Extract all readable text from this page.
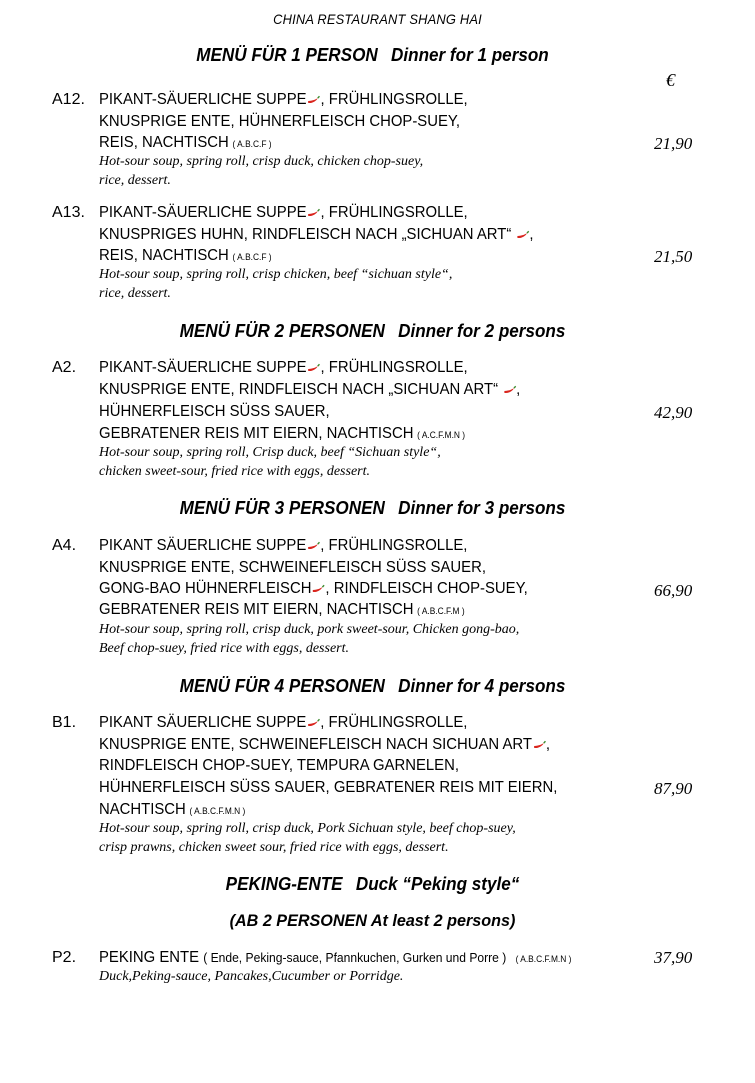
CHINA RESTAURANT SHANG HAI
MENÜ FÜR 1 PERSON Dinner for 1 person
€
A12. PIKANT-SÄUERLICHE SUPPE , FRÜHLINGSROLLE,
KNUSPRIGE ENTE, HÜHNERFLEISCH CHOP-SUEY,
REIS, NACHTISCH ( A.B.C.F )
Hot-sour soup, spring roll, crisp duck, chicken chop-suey,
rice, dessert.
21,90
A13. PIKANT-SÄUERLICHE SUPPE , FRÜHLINGSROLLE,
KNUSPRIGES HUHN, RINDFLEISCH NACH „SICHUAN ART“ ,
REIS, NACHTISCH ( A.B.C.F )
Hot-sour soup, spring roll, crisp chicken, beef “sichuan style“,
rice, dessert.
21,50
MENÜ FÜR 2 PERSONEN Dinner for 2 persons
A2. PIKANT-SÄUERLICHE SUPPE , FRÜHLINGSROLLE,
KNUSPRIGE ENTE, RINDFLEISCH NACH „SICHUAN ART“ ,
HÜHNERFLEISCH SÜSS SAUER,
GEBRATENER REIS MIT EIERN, NACHTISCH ( A.C.F.M.N )
Hot-sour soup, spring roll, Crisp duck, beef “Sichuan style“,
chicken sweet-sour, fried rice with eggs, dessert.
42,90
MENÜ FÜR 3 PERSONEN Dinner for 3 persons
A4. PIKANT SÄUERLICHE SUPPE , FRÜHLINGSROLLE,
KNUSPRIGE ENTE, SCHWEINEFLEISCH SÜSS SAUER,
GONG-BAO HÜHNERFLEISCH , RINDFLEISCH CHOP-SUEY,
GEBRATENER REIS MIT EIERN, NACHTISCH ( A.B.C.F.M )
Hot-sour soup, spring roll, crisp duck, pork sweet-sour, Chicken gong-bao,
Beef chop-suey, fried rice with eggs, dessert.
66,90
MENÜ FÜR 4 PERSONEN Dinner for 4 persons
B1. PIKANT SÄUERLICHE SUPPE , FRÜHLINGSROLLE,
KNUSPRIGE ENTE, SCHWEINEFLEISCH NACH SICHUAN ART ,
RINDFLEISCH CHOP-SUEY, TEMPURA GARNELEN,
HÜHNERFLEISCH SÜSS SAUER, GEBRATENER REIS MIT EIERN,
NACHTISCH ( A.B.C.F.M.N )
Hot-sour soup, spring roll, crisp duck, Pork Sichuan style, beef chop-suey,
crisp prawns, chicken sweet sour, fried rice with eggs, dessert.
87,90
PEKING-ENTE Duck “Peking style“
(AB 2 PERSONEN At least 2 persons)
P2. PEKING ENTE ( Ende, Peking-sauce, Pfannkuchen, Gurken und Porre ) ( A.B.C.F.M.N )
Duck,Peking-sauce, Pancakes,Cucumber or Porridge.
37,90
